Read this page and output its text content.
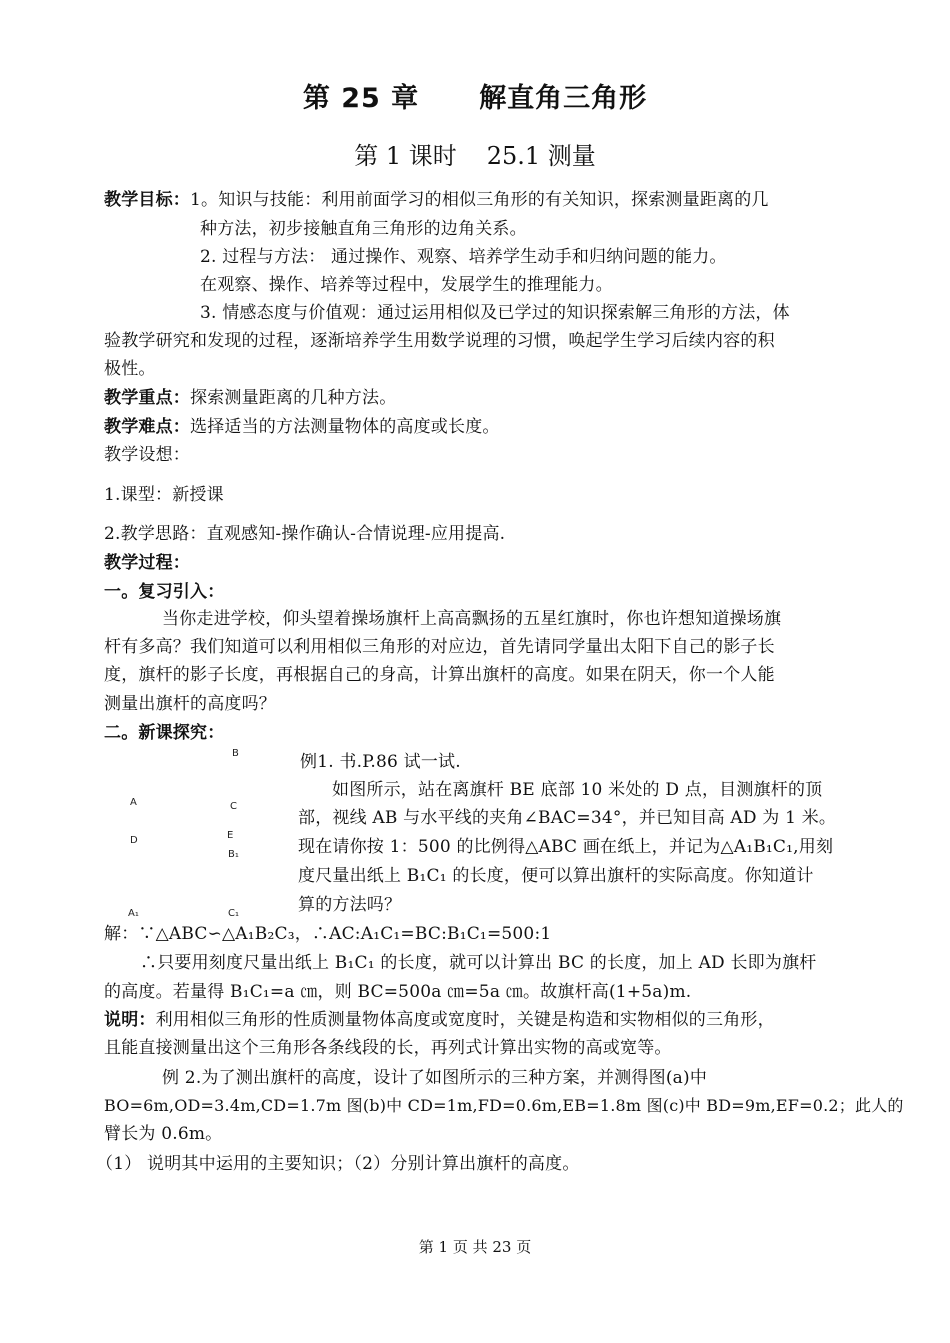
第 25 章 解直角三角形
第 1 课时 25.1 测量
教学目标：1。知识与技能：利用前面学习的相似三角形的有关知识，探索测量距离的几
种方法，初步接触直角三角形的边角关系。
2. 过程与方法： 通过操作、观察、培养学生动手和归纳问题的能力。
在观察、操作、培养等过程中，发展学生的推理能力。
3. 情感态度与价值观：通过运用相似及已学过的知识探索解三角形的方法，体
验教学研究和发现的过程，逐渐培养学生用数学说理的习惯，唤起学生学习后续内容的积
极性。
教学重点：探索测量距离的几种方法。
教学难点：选择适当的方法测量物体的高度或长度。
教学设想：
1.课型：新授课
2.教学思路：直观感知-操作确认-合情说理-应用提高.
教学过程：
一。复习引入：
当你走进学校，仰头望着操场旗杆上高高飘扬的五星红旗时，你也许想知道操场旗
杆有多高？我们知道可以利用相似三角形的对应边，首先请同学量出太阳下自己的影子长
度，旗杆的影子长度，再根据自己的身高，计算出旗杆的高度。如果在阴天，你一个人能
测量出旗杆的高度吗？
二。新课探究：
B
A	C
D	E
B₁
A₁	C₁
例1. 书.P.86 试一试.
如图所示，站在离旗杆 BE 底部 10 米处的 D 点，目测旗杆的顶
部，视线 AB 与水平线的夹角∠BAC=34°，并已知目高 AD 为 1 米。
现在请你按 1：500 的比例得△ABC 画在纸上，并记为△A₁B₁C₁,用刻
度尺量出纸上 B₁C₁ 的长度，便可以算出旗杆的实际高度。你知道计
算的方法吗？
解：∵△ABC∽△A₁B₂C₃，∴AC:A₁C₁=BC:B₁C₁=500:1
∴只要用刻度尺量出纸上 B₁C₁ 的长度，就可以计算出 BC 的长度，加上 AD 长即为旗杆
的高度。若量得 B₁C₁=a ㎝，则 BC=500a ㎝=5a ㎝。故旗杆高(1+5a)m.
说明：利用相似三角形的性质测量物体高度或宽度时，关键是构造和实物相似的三角形，
且能直接测量出这个三角形各条线段的长，再列式计算出实物的高或宽等。
例 2.为了测出旗杆的高度，设计了如图所示的三种方案，并测得图(a)中
BO=6m,OD=3.4m,CD=1.7m 图(b)中 CD=1m,FD=0.6m,EB=1.8m 图(c)中 BD=9m,EF=0.2；此人的
臂长为 0.6m。
（1） 说明其中运用的主要知识；（2）分别计算出旗杆的高度。
第 1 页 共 23 页
